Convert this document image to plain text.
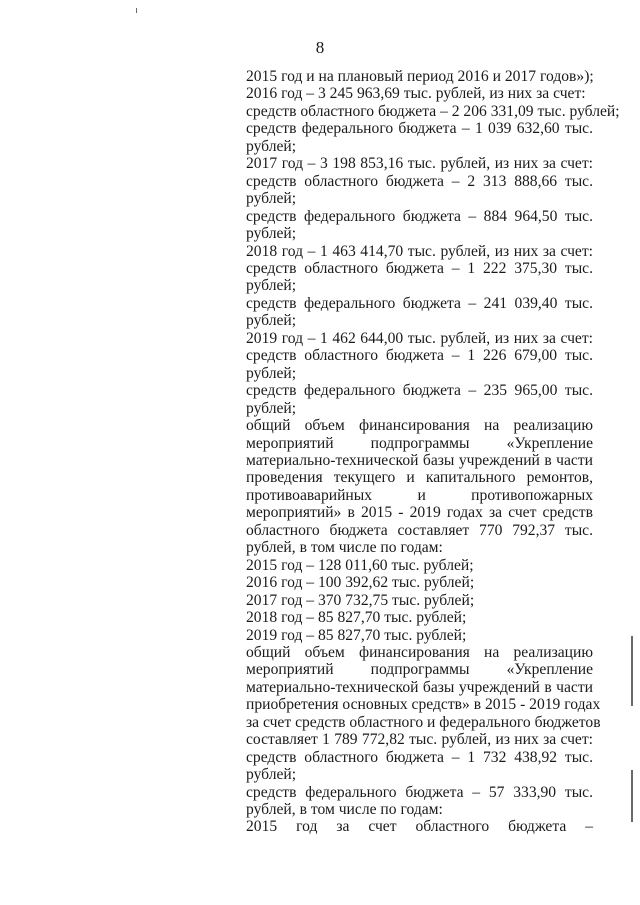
8
2015 год и на плановый период 2016 и 2017 годов»);
2016 год – 3 245 963,69 тыс. рублей, из них за счет:
средств областного бюджета – 2 206 331,09 тыс. рублей;
средств федерального бюджета – 1 039 632,60 тыс.
рублей;
2017 год – 3 198 853,16 тыс. рублей, из них за счет:
средств областного бюджета – 2 313 888,66 тыс.
рублей;
средств федерального бюджета – 884 964,50 тыс.
рублей;
2018 год – 1 463 414,70 тыс. рублей, из них за счет:
средств областного бюджета – 1 222 375,30 тыс.
рублей;
средств федерального бюджета – 241 039,40 тыс.
рублей;
2019 год – 1 462 644,00 тыс. рублей, из них за счет:
средств областного бюджета – 1 226 679,00 тыс.
рублей;
средств федерального бюджета – 235 965,00 тыс.
рублей;
общий объем финансирования на реализацию
мероприятий подпрограммы «Укрепление
материально-технической базы учреждений в части
проведения текущего и капитального ремонтов,
противоаварийных и противопожарных
мероприятий» в 2015 - 2019 годах за счет средств
областного бюджета составляет 770 792,37 тыс.
рублей, в том числе по годам:
2015 год – 128 011,60 тыс. рублей;
2016 год – 100 392,62 тыс. рублей;
2017 год – 370 732,75 тыс. рублей;
2018 год – 85 827,70 тыс. рублей;
2019 год – 85 827,70 тыс. рублей;
общий объем финансирования на реализацию
мероприятий подпрограммы «Укрепление
материально-технической базы учреждений в части
приобретения основных средств» в 2015 - 2019 годах
за счет средств областного и федерального бюджетов
составляет 1 789 772,82 тыс. рублей, из них за счет:
средств областного бюджета – 1 732 438,92 тыс.
рублей;
средств федерального бюджета – 57 333,90 тыс.
рублей, в том числе по годам:
2015 год за счет областного бюджета –
